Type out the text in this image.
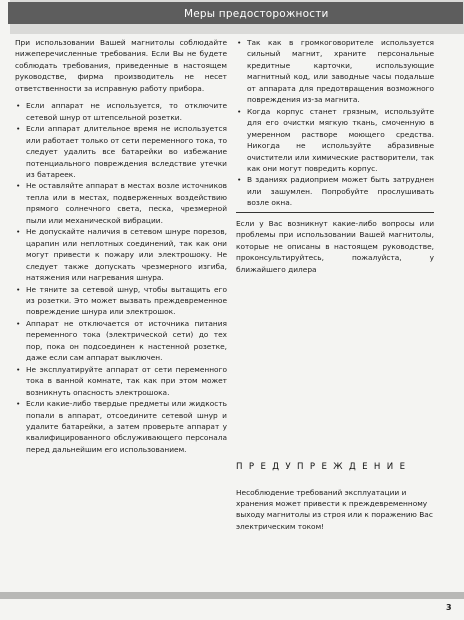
Меры предосторожности

При использовании Вашей магнитолы соблюдайте нижеперечисленные требования. Если Вы не будете соблюдать требования, приведенные в настоящем руководстве, фирма производитель не несет ответственности за исправную работу прибора.

• Если аппарат не используется, то отключите сетевой шнур от штепсельной розетки.
• Если аппарат длительное время не используется или работает только от сети переменного тока, то следует удалить все батарейки во избежание потенциального повреждения вследствие утечки из батареек.
• Не оставляйте аппарат в местах возле источников тепла или в местах, подверженных воздействию прямого солнечного света, песка, чрезмерной пыли или механической вибрации.
• Не допускайте наличия в сетевом шнуре порезов, царапин или неплотных соединений, так как они могут привести к пожару или электрошоку. Не следует также допускать чрезмерного изгиба, натяжения или нагревания шнура.
• Не тяните за сетевой шнур, чтобы вытащить его из розетки. Это может вызвать преждевременное повреждение шнура или электрошок.
• Аппарат не отключается от источника питания переменного тока (электрической сети) до тех пор, пока он подсоединен к настенной розетке, даже если сам аппарат выключен.
• Не эксплуатируйте аппарат от сети переменного тока в ванной комнате, так как при этом может возникнуть опасность электрошока.
• Если какие-либо твердые предметы или жидкость попали в аппарат, отсоедините сетевой шнур и удалите батарейки, а затем проверьте аппарат у квалифицированного обслуживающего персонала перед дальнейшим его использованием.
• Так как в громкоговорителе используется сильный магнит, храните персональные кредитные карточки, использующие магнитный код, или заводные часы подальше от аппарата для предотвращения возможного повреждения из-за магнита.
• Когда корпус станет грязным, используйте для его очистки мягкую ткань, смоченную в умеренном растворе моющего средства. Никогда не используйте абразивные очистители или химические растворители, так как они могут повредить корпус.
• В зданиях радиоприем может быть затруднен или зашумлен. Попробуйте прослушивать возле окна.

Если у Вас возникнут какие-либо вопросы или проблемы при использовании Вашей магнитолы, которые не описаны в настоящем руководстве, проконсультируйтесь, пожалуйста, у ближайшего дилера

ПРЕДУПРЕЖДЕНИЕ
Несоблюдение требований эксплуатации и хранения может привести к преждевременному выходу магнитолы из строя или к поражению Вас электрическим током!
3
